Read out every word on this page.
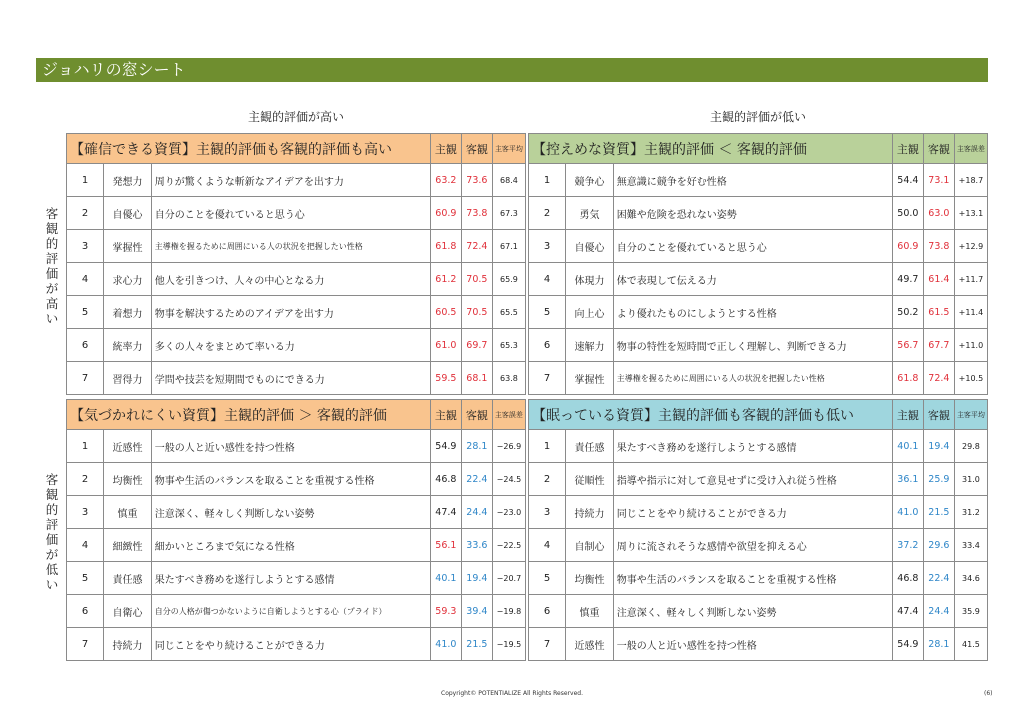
ジョハリの窓シート
主観的評価が高い	主観的評価が低い
客
観
的
評
価
が
高
い
客
観
的
評
価
が
低
い
【確信できる資質】主観的評価も客観的評価も高い			主観	客観	主客平均
1	発想力	周りが驚くような斬新なアイデアを出す力	63.2	73.6	68.4
2	自優心	自分のことを優れていると思う心	60.9	73.8	67.3
3	掌握性	主導権を握るために周囲にいる人の状況を把握したい性格	61.8	72.4	67.1
4	求心力	他人を引きつけ、人々の中心となる力	61.2	70.5	65.9
5	着想力	物事を解決するためのアイデアを出す力	60.5	70.5	65.5
6	統率力	多くの人々をまとめて率いる力	61.0	69.7	65.3
7	習得力	学問や技芸を短期間でものにできる力	59.5	68.1	63.8
【控えめな資質】主観的評価 ＜ 客観的評価			主観	客観	主客誤差
1	競争心	無意識に競争を好む性格	54.4	73.1	+18.7
2	勇気	困難や危険を恐れない姿勢	50.0	63.0	+13.1
3	自優心	自分のことを優れていると思う心	60.9	73.8	+12.9
4	体現力	体で表現して伝える力	49.7	61.4	+11.7
5	向上心	より優れたものにしようとする性格	50.2	61.5	+11.4
6	速解力	物事の特性を短時間で正しく理解し、判断できる力	56.7	67.7	+11.0
7	掌握性	主導権を握るために周囲にいる人の状況を把握したい性格	61.8	72.4	+10.5
【気づかれにくい資質】主観的評価 ＞ 客観的評価			主観	客観	主客誤差
1	近感性	一般の人と近い感性を持つ性格	54.9	28.1	−26.9
2	均衡性	物事や生活のバランスを取ることを重視する性格	46.8	22.4	−24.5
3	慎重	注意深く、軽々しく判断しない姿勢	47.4	24.4	−23.0
4	細緻性	細かいところまで気になる性格	56.1	33.6	−22.5
5	責任感	果たすべき務めを遂行しようとする感情	40.1	19.4	−20.7
6	自衛心	自分の人格が傷つかないように自衛しようとする心（プライド）	59.3	39.4	−19.8
7	持続力	同じことをやり続けることができる力	41.0	21.5	−19.5
【眠っている資質】主観的評価も客観的評価も低い			主観	客観	主客平均
1	責任感	果たすべき務めを遂行しようとする感情	40.1	19.4	29.8
2	従順性	指導や指示に対して意見せずに受け入れ従う性格	36.1	25.9	31.0
3	持続力	同じことをやり続けることができる力	41.0	21.5	31.2
4	自制心	周りに流されそうな感情や欲望を抑える心	37.2	29.6	33.4
5	均衡性	物事や生活のバランスを取ることを重視する性格	46.8	22.4	34.6
6	慎重	注意深く、軽々しく判断しない姿勢	47.4	24.4	35.9
7	近感性	一般の人と近い感性を持つ性格	54.9	28.1	41.5
Copyright© POTENTIALIZE All Rights Reserved.	(6)
